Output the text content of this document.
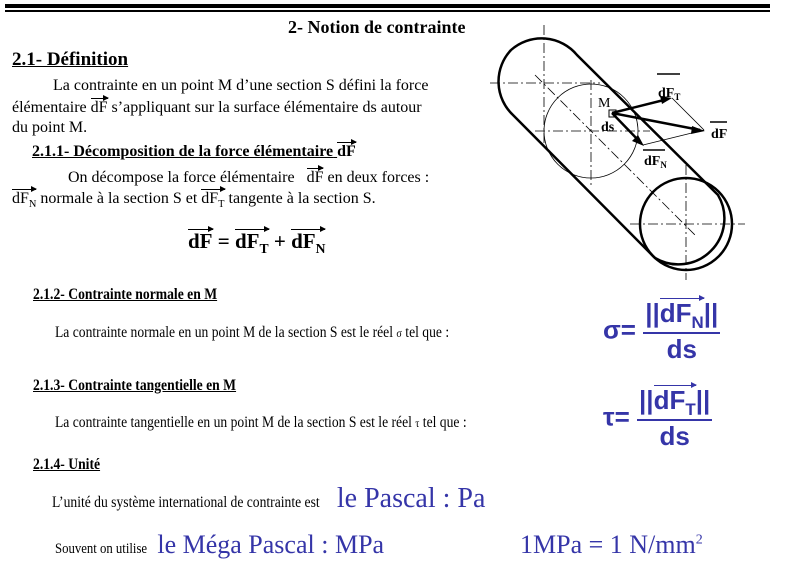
2- Notion de contrainte
2.1- Définition
La contrainte en un point M d’une section S défini la force
élémentaire dF s’appliquant sur la surface élémentaire ds autour
du point M.
2.1.1- Décomposition de la force élémentaire dF
On décompose la force élémentaire dF en deux forces :
$dF_N$ normale à la section S et $dF_T$ tangente à la section S.
dF = $dF_T + dF_N$
M
ds
$dF_T$
dF
$dF_N$
2.1.2- Contrainte normale en M
La contrainte normale en un point M de la section S est le réel σ tel que :	$\sigma= \frac{||dF_N||}{ds}$
2.1.3- Contrainte tangentielle en M
La contrainte tangentielle en un point M de la section S est le réel τ tel que :	$\tau= \frac{||dF_T||}{ds}$
2.1.4- Unité
L’unité du système international de contrainte est le Pascal : Pa
Souvent on utilise le Méga Pascal : MPa	1MPa = 1 $N/mm^2$
